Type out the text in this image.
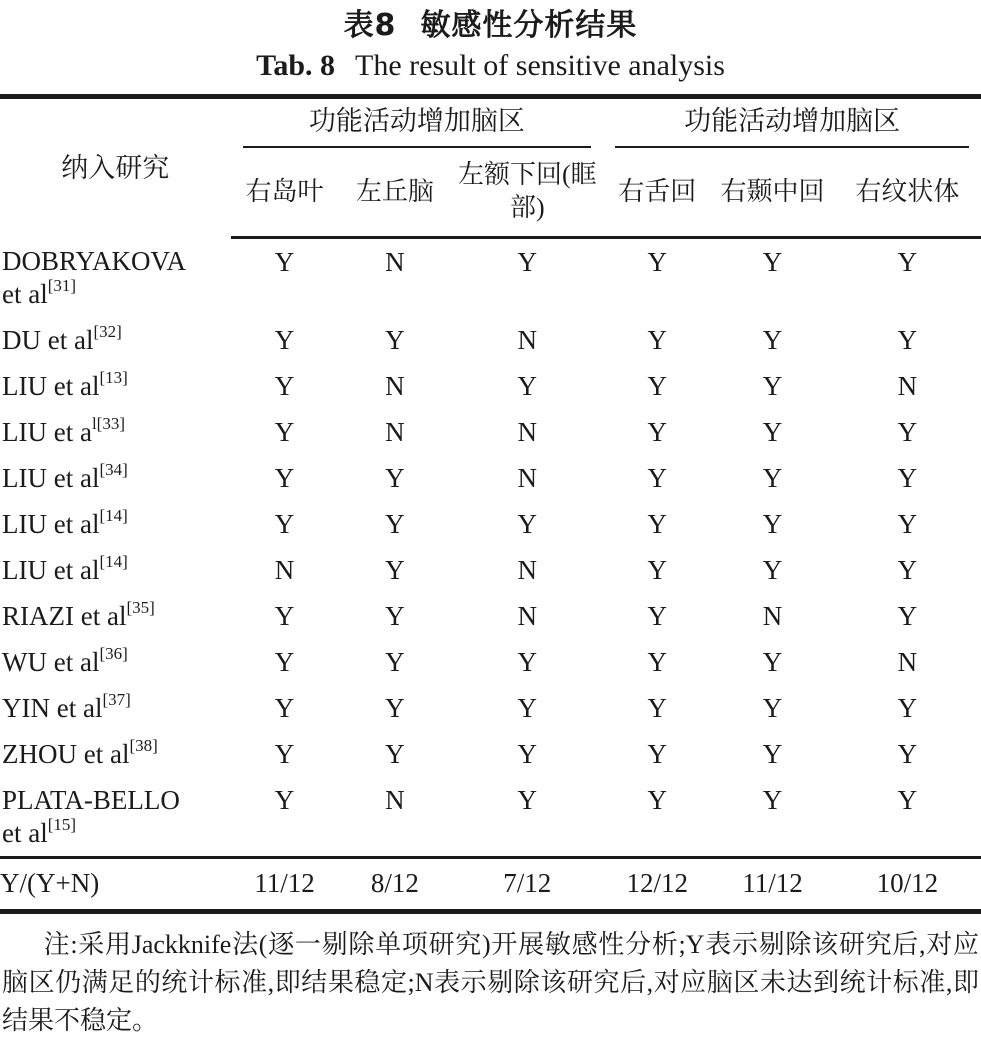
表8 敏感性分析结果
Tab. 8 The result of sensitive analysis
纳入研究	功能活动增加脑区			功能活动增加脑区		

	右岛叶	左丘脑	左额下回(眶部)	右舌回	右颞中回	右纹状体

DOBRYAKOVA
et al[31]	Y	N	Y	Y	Y	Y
DU et al[32]	Y	Y	N	Y	Y	Y
LIU et al[13]	Y	N	Y	Y	Y	N
LIU et $a^{l[33]}$	Y	N	N	Y	Y	Y
LIU et al[34]	Y	Y	N	Y	Y	Y
LIU et al[14]	Y	Y	Y	Y	Y	Y
LIU et al[14]	N	Y	N	Y	Y	Y
RIAZI et al[35]	Y	Y	N	Y	N	Y
WU et al[36]	Y	Y	Y	Y	Y	N
YIN et al[37]	Y	Y	Y	Y	Y	Y
ZHOU et al[38]	Y	Y	Y	Y	Y	Y

PLATA-BELLO
et al[15]	Y	N	Y	Y	Y	Y
Y/(Y+N)	11/12	8/12	7/12	12/12	11/12	10/12

注:采用Jackknife法(逐一剔除单项研究)开展敏感性分析;Y表示剔除该研究后,对应脑区仍满足的统计标准,即结果稳定;N表示剔除该研究后,对应脑区未达到统计标准,即结果不稳定。
